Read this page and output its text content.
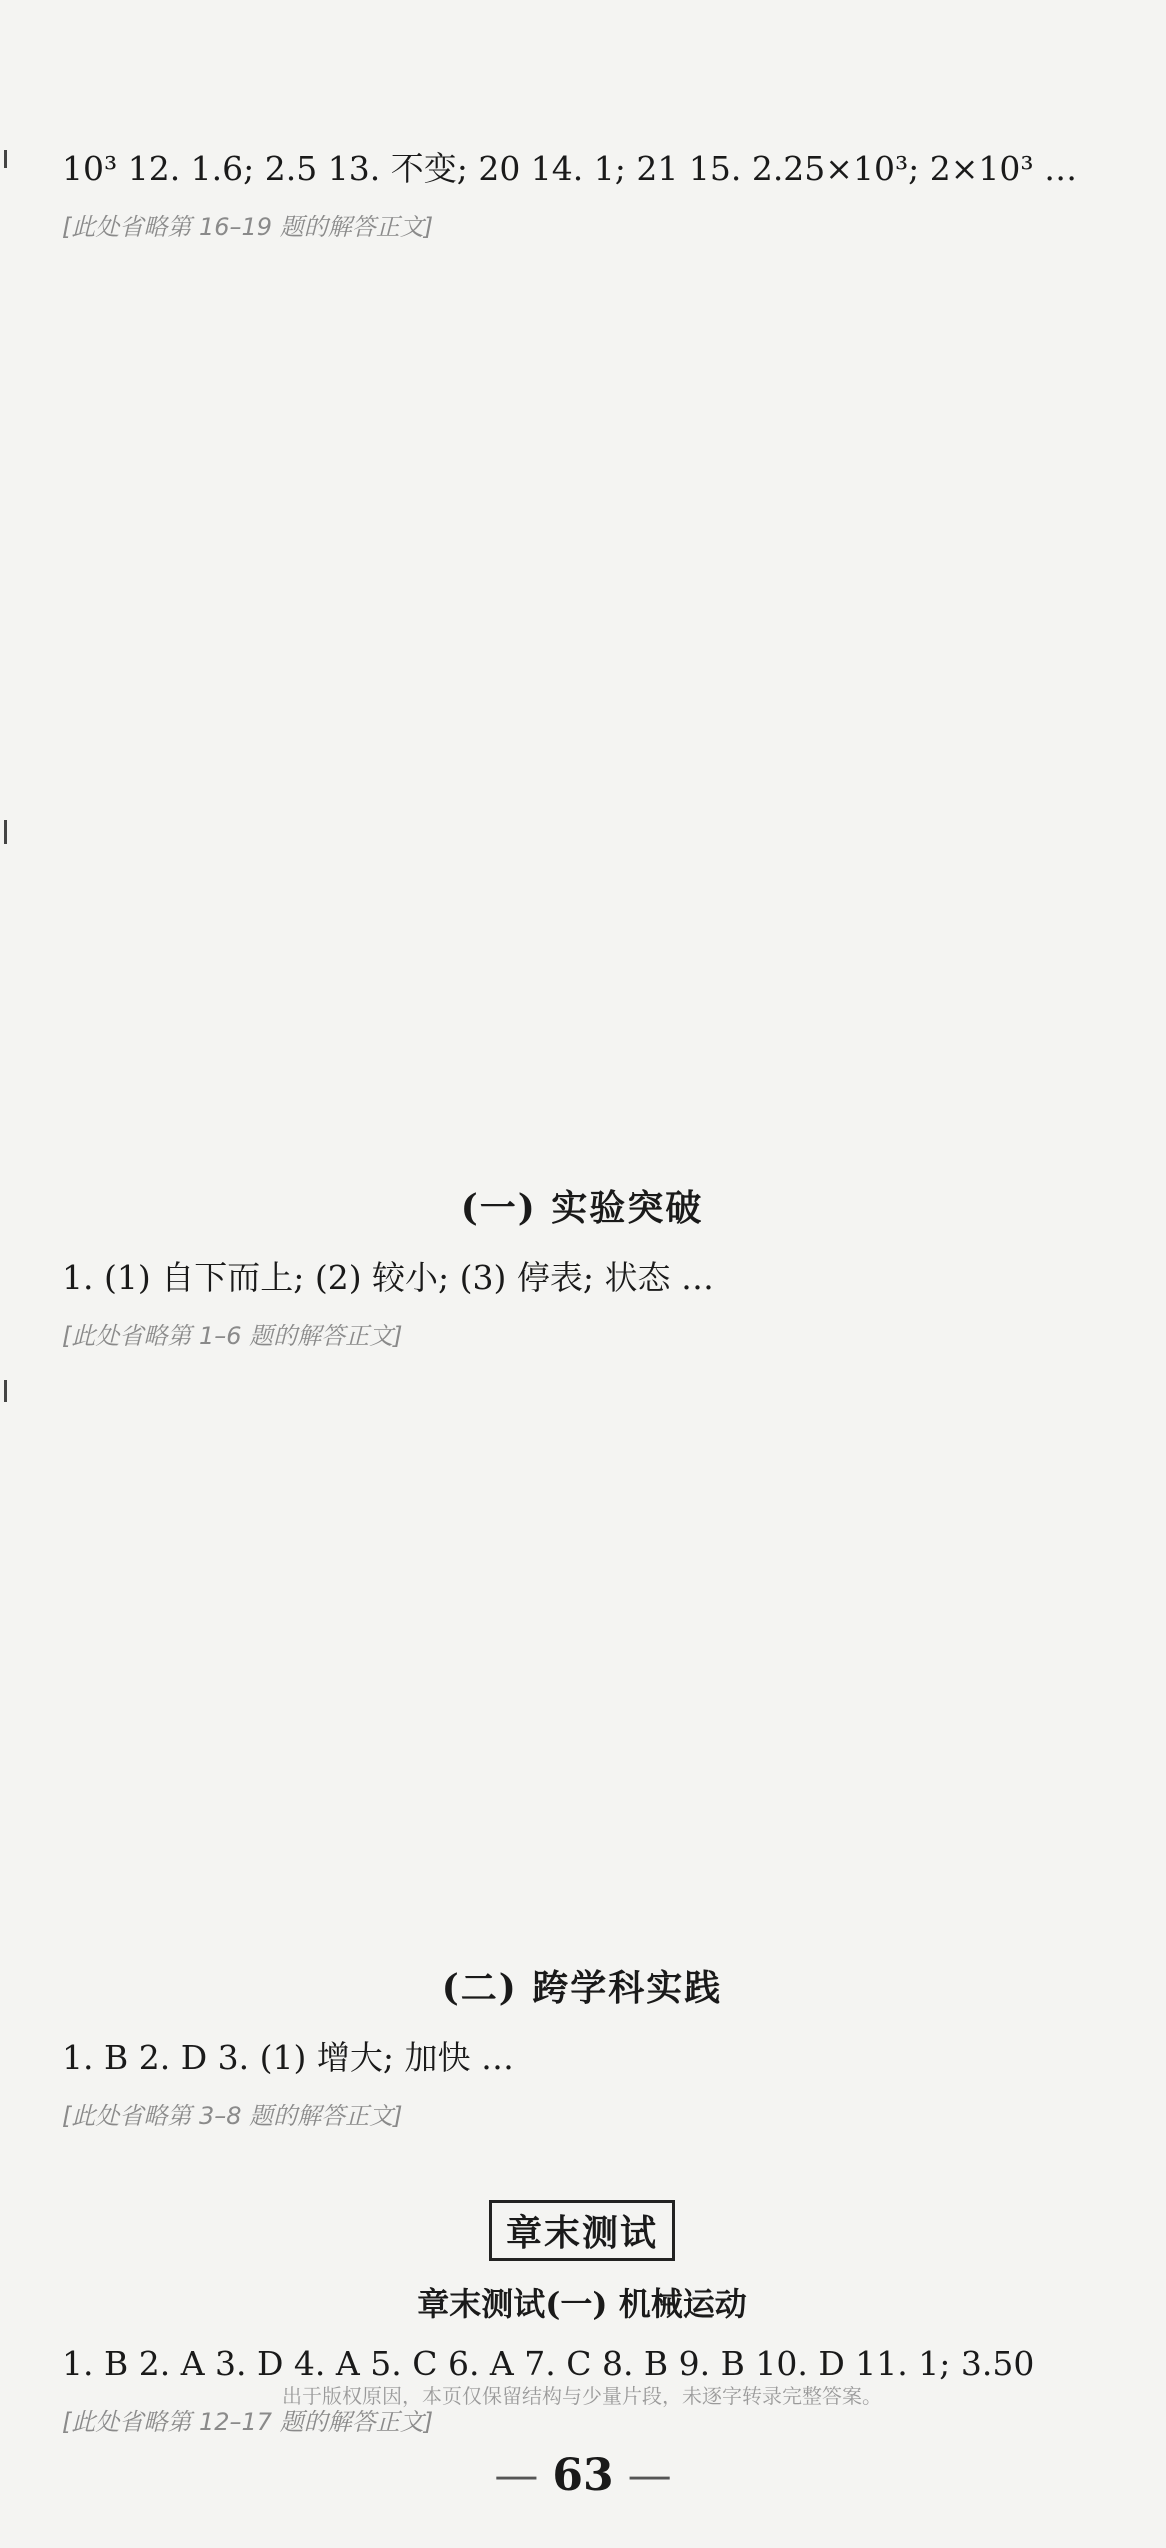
10³ 12. 1.6; 2.5 13. 不变; 20 14. 1; 21 15. 2.25×10³; 2×10³ …

[此处省略第 16–19 题的解答正文]

(一) 实验突破

1. (1) 自下而上; (2) 较小; (3) 停表; 状态 …

[此处省略第 1–6 题的解答正文]

(二) 跨学科实践

1. B 2. D 3. (1) 增大; 加快 …

[此处省略第 3–8 题的解答正文]

章末测试
章末测试(一) 机械运动

1. B 2. A 3. D 4. A 5. C 6. A 7. C 8. B 9. B 10. D 11. 1; 3.50

[此处省略第 12–17 题的解答正文]

出于版权原因，本页仅保留结构与少量片段，未逐字转录完整答案。
— 63 —
